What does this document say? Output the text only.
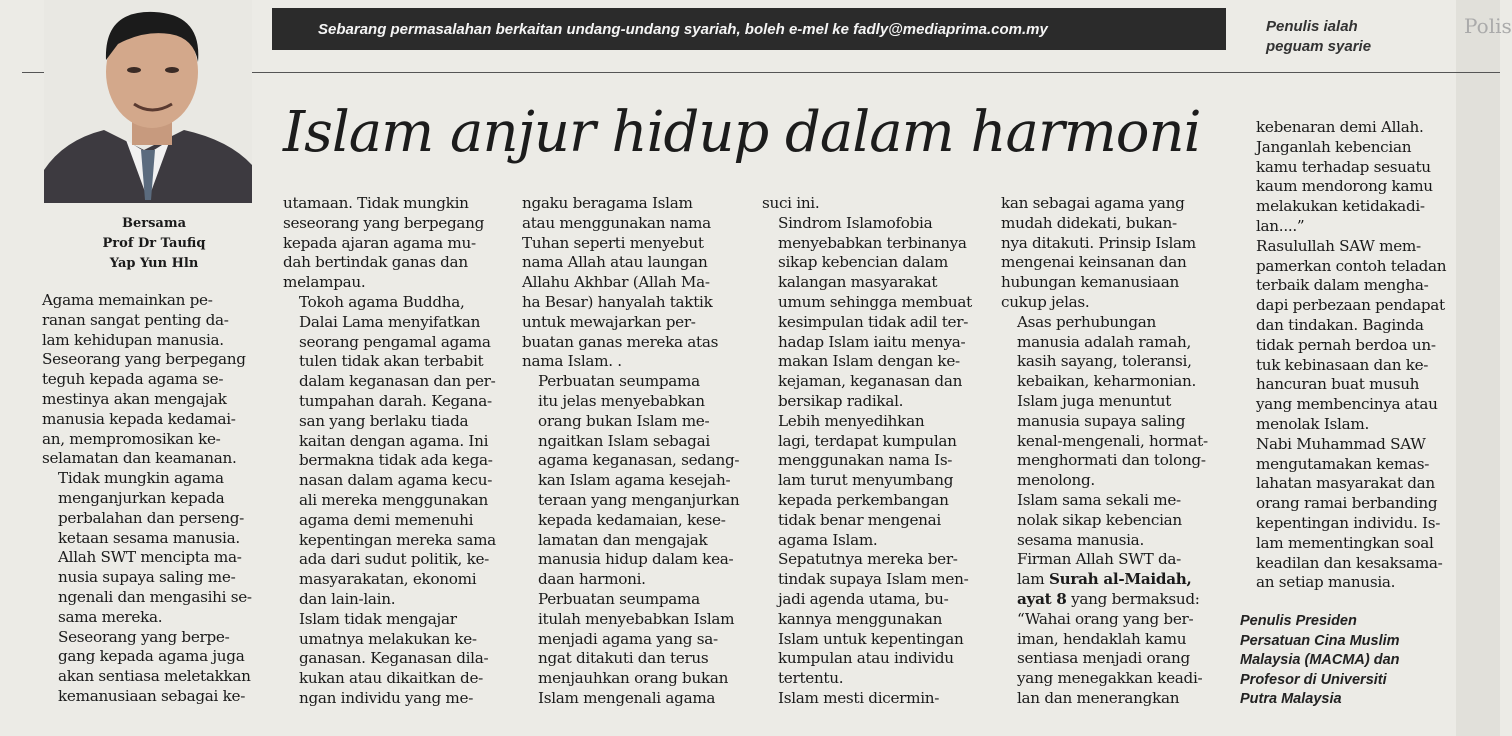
Polis
Sebarang permasalahan berkaitan undang-undang syariah, boleh e-mel ke fadly@mediaprima.com.my	Penulis ialah
peguam syarie
Bersama
Prof Dr Taufiq
Yap Yun Hln
Islam anjur hidup dalam harmoni

Agama memainkan pe-
ranan sangat penting da-
lam kehidupan manusia.
Seseorang yang berpegang
teguh kepada agama se-
mestinya akan mengajak
manusia kepada kedamai-
an, mempromosikan ke-
selamatan dan keamanan.

Tidak mungkin agama
menganjurkan kepada
perbalahan dan perseng-
ketaan sesama manusia.
Allah SWT mencipta ma-
nusia supaya saling me-
ngenali dan mengasihi se-
sama mereka.

Seseorang yang berpe-
gang kepada agama juga
akan sentiasa meletakkan
kemanusiaan sebagai ke-

utamaan. Tidak mungkin
seseorang yang berpegang
kepada ajaran agama mu-
dah bertindak ganas dan
melampau.

Tokoh agama Buddha,
Dalai Lama menyifatkan
seorang pengamal agama
tulen tidak akan terbabit
dalam keganasan dan per-
tumpahan darah. Kegana-
san yang berlaku tiada
kaitan dengan agama. Ini
bermakna tidak ada kega-
nasan dalam agama kecu-
ali mereka menggunakan
agama demi memenuhi
kepentingan mereka sama
ada dari sudut politik, ke-
masyarakatan, ekonomi
dan lain-lain.

Islam tidak mengajar
umatnya melakukan ke-
ganasan. Keganasan dila-
kukan atau dikaitkan de-
ngan individu yang me-

ngaku beragama Islam
atau menggunakan nama
Tuhan seperti menyebut
nama Allah atau laungan
Allahu Akhbar (Allah Ma-
ha Besar) hanyalah taktik
untuk mewajarkan per-
buatan ganas mereka atas
nama Islam. .

Perbuatan seumpama
itu jelas menyebabkan
orang bukan Islam me-
ngaitkan Islam sebagai
agama keganasan, sedang-
kan Islam agama kesejah-
teraan yang menganjurkan
kepada kedamaian, kese-
lamatan dan mengajak
manusia hidup dalam kea-
daan harmoni.

Perbuatan seumpama
itulah menyebabkan Islam
menjadi agama yang sa-
ngat ditakuti dan terus
menjauhkan orang bukan
Islam mengenali agama

suci ini.

Sindrom Islamofobia
menyebabkan terbinanya
sikap kebencian dalam
kalangan masyarakat
umum sehingga membuat
kesimpulan tidak adil ter-
hadap Islam iaitu menya-
makan Islam dengan ke-
kejaman, keganasan dan
bersikap radikal.

Lebih menyedihkan
lagi, terdapat kumpulan
menggunakan nama Is-
lam turut menyumbang
kepada perkembangan
tidak benar mengenai
agama Islam.

Sepatutnya mereka ber-
tindak supaya Islam men-
jadi agenda utama, bu-
kannya menggunakan
Islam untuk kepentingan
kumpulan atau individu
tertentu.

Islam mesti dicermin-

kan sebagai agama yang
mudah didekati, bukan-
nya ditakuti. Prinsip Islam
mengenai keinsanan dan
hubungan kemanusiaan
cukup jelas.

Asas perhubungan
manusia adalah ramah,
kasih sayang, toleransi,
kebaikan, keharmonian.
Islam juga menuntut
manusia supaya saling
kenal-mengenali, hormat-
menghormati dan tolong-
menolong.

Islam sama sekali me-
nolak sikap kebencian
sesama manusia.

Firman Allah SWT da-
lam Surah al-Maidah,
ayat 8 yang bermaksud:
“Wahai orang yang ber-
iman, hendaklah kamu
sentiasa menjadi orang
yang menegakkan keadi-
lan dan menerangkan

kebenaran demi Allah.
Janganlah kebencian
kamu terhadap sesuatu
kaum mendorong kamu
melakukan ketidakadi-
lan....”

Rasulullah SAW mem-
pamerkan contoh teladan
terbaik dalam mengha-
dapi perbezaan pendapat
dan tindakan. Baginda
tidak pernah berdoa un-
tuk kebinasaan dan ke-
hancuran buat musuh
yang membencinya atau
menolak Islam.

Nabi Muhammad SAW
mengutamakan kemas-
lahatan masyarakat dan
orang ramai berbanding
kepentingan individu. Is-
lam mementingkan soal
keadilan dan kesaksama-
an setiap manusia.

Penulis Presiden
Persatuan Cina Muslim
Malaysia (MACMA) dan
Profesor di Universiti
Putra Malaysia
